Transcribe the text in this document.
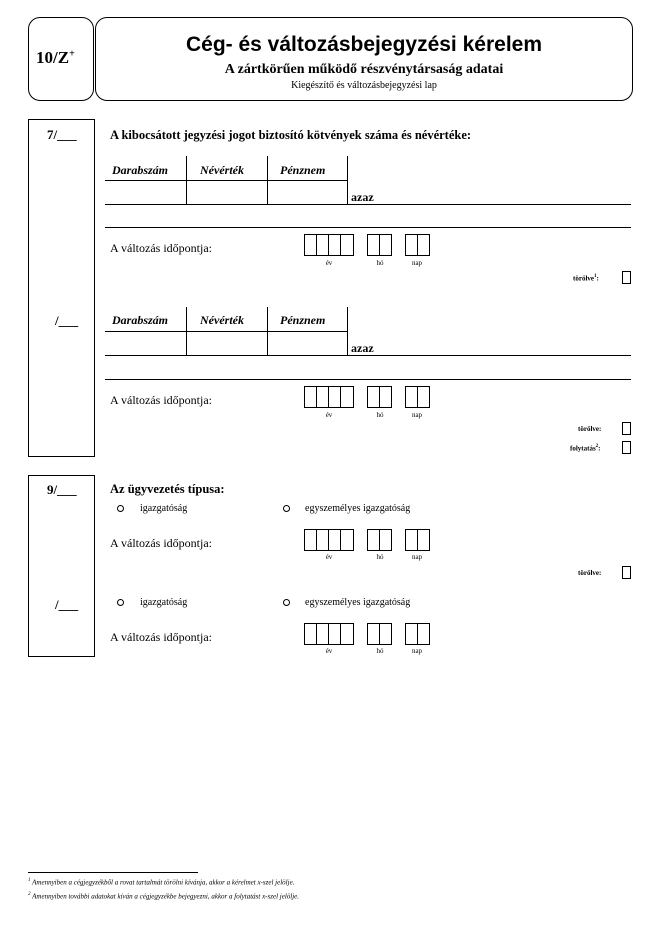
10/Z+	Cég- és változásbejegyzési kérelem
A zártkörűen működő részvénytársaság adatai
Kiegészítő és változásbejegyzési lap
7/___
/___
A kibocsátott jegyzési jogot biztosító kötvények száma és névértéke:
Darabszám	Névérték	Pénznem
azaz
A változás időpontja:
év	hó	nap
törölve$^1$:
Darabszám	Névérték	Pénznem
azaz
A változás időpontja:
év	hó	nap
törölve:
folytatás$^2$:
9/___
/___
Az ügyvezetés típusa:
igazgatóság	egyszemélyes igazgatóság
A változás időpontja:
év	hó	nap
törölve:
igazgatóság	egyszemélyes igazgatóság
A változás időpontja:
év	hó	nap
$^1$ Amennyiben a cégjegyzékből a rovat tartalmát törölni kívánja, akkor a kérelmet x-szel jelölje.
$^2$ Amennyiben további adatokat kíván a cégjegyzékbe bejegyezni, akkor a folytatást x-szel jelölje.
